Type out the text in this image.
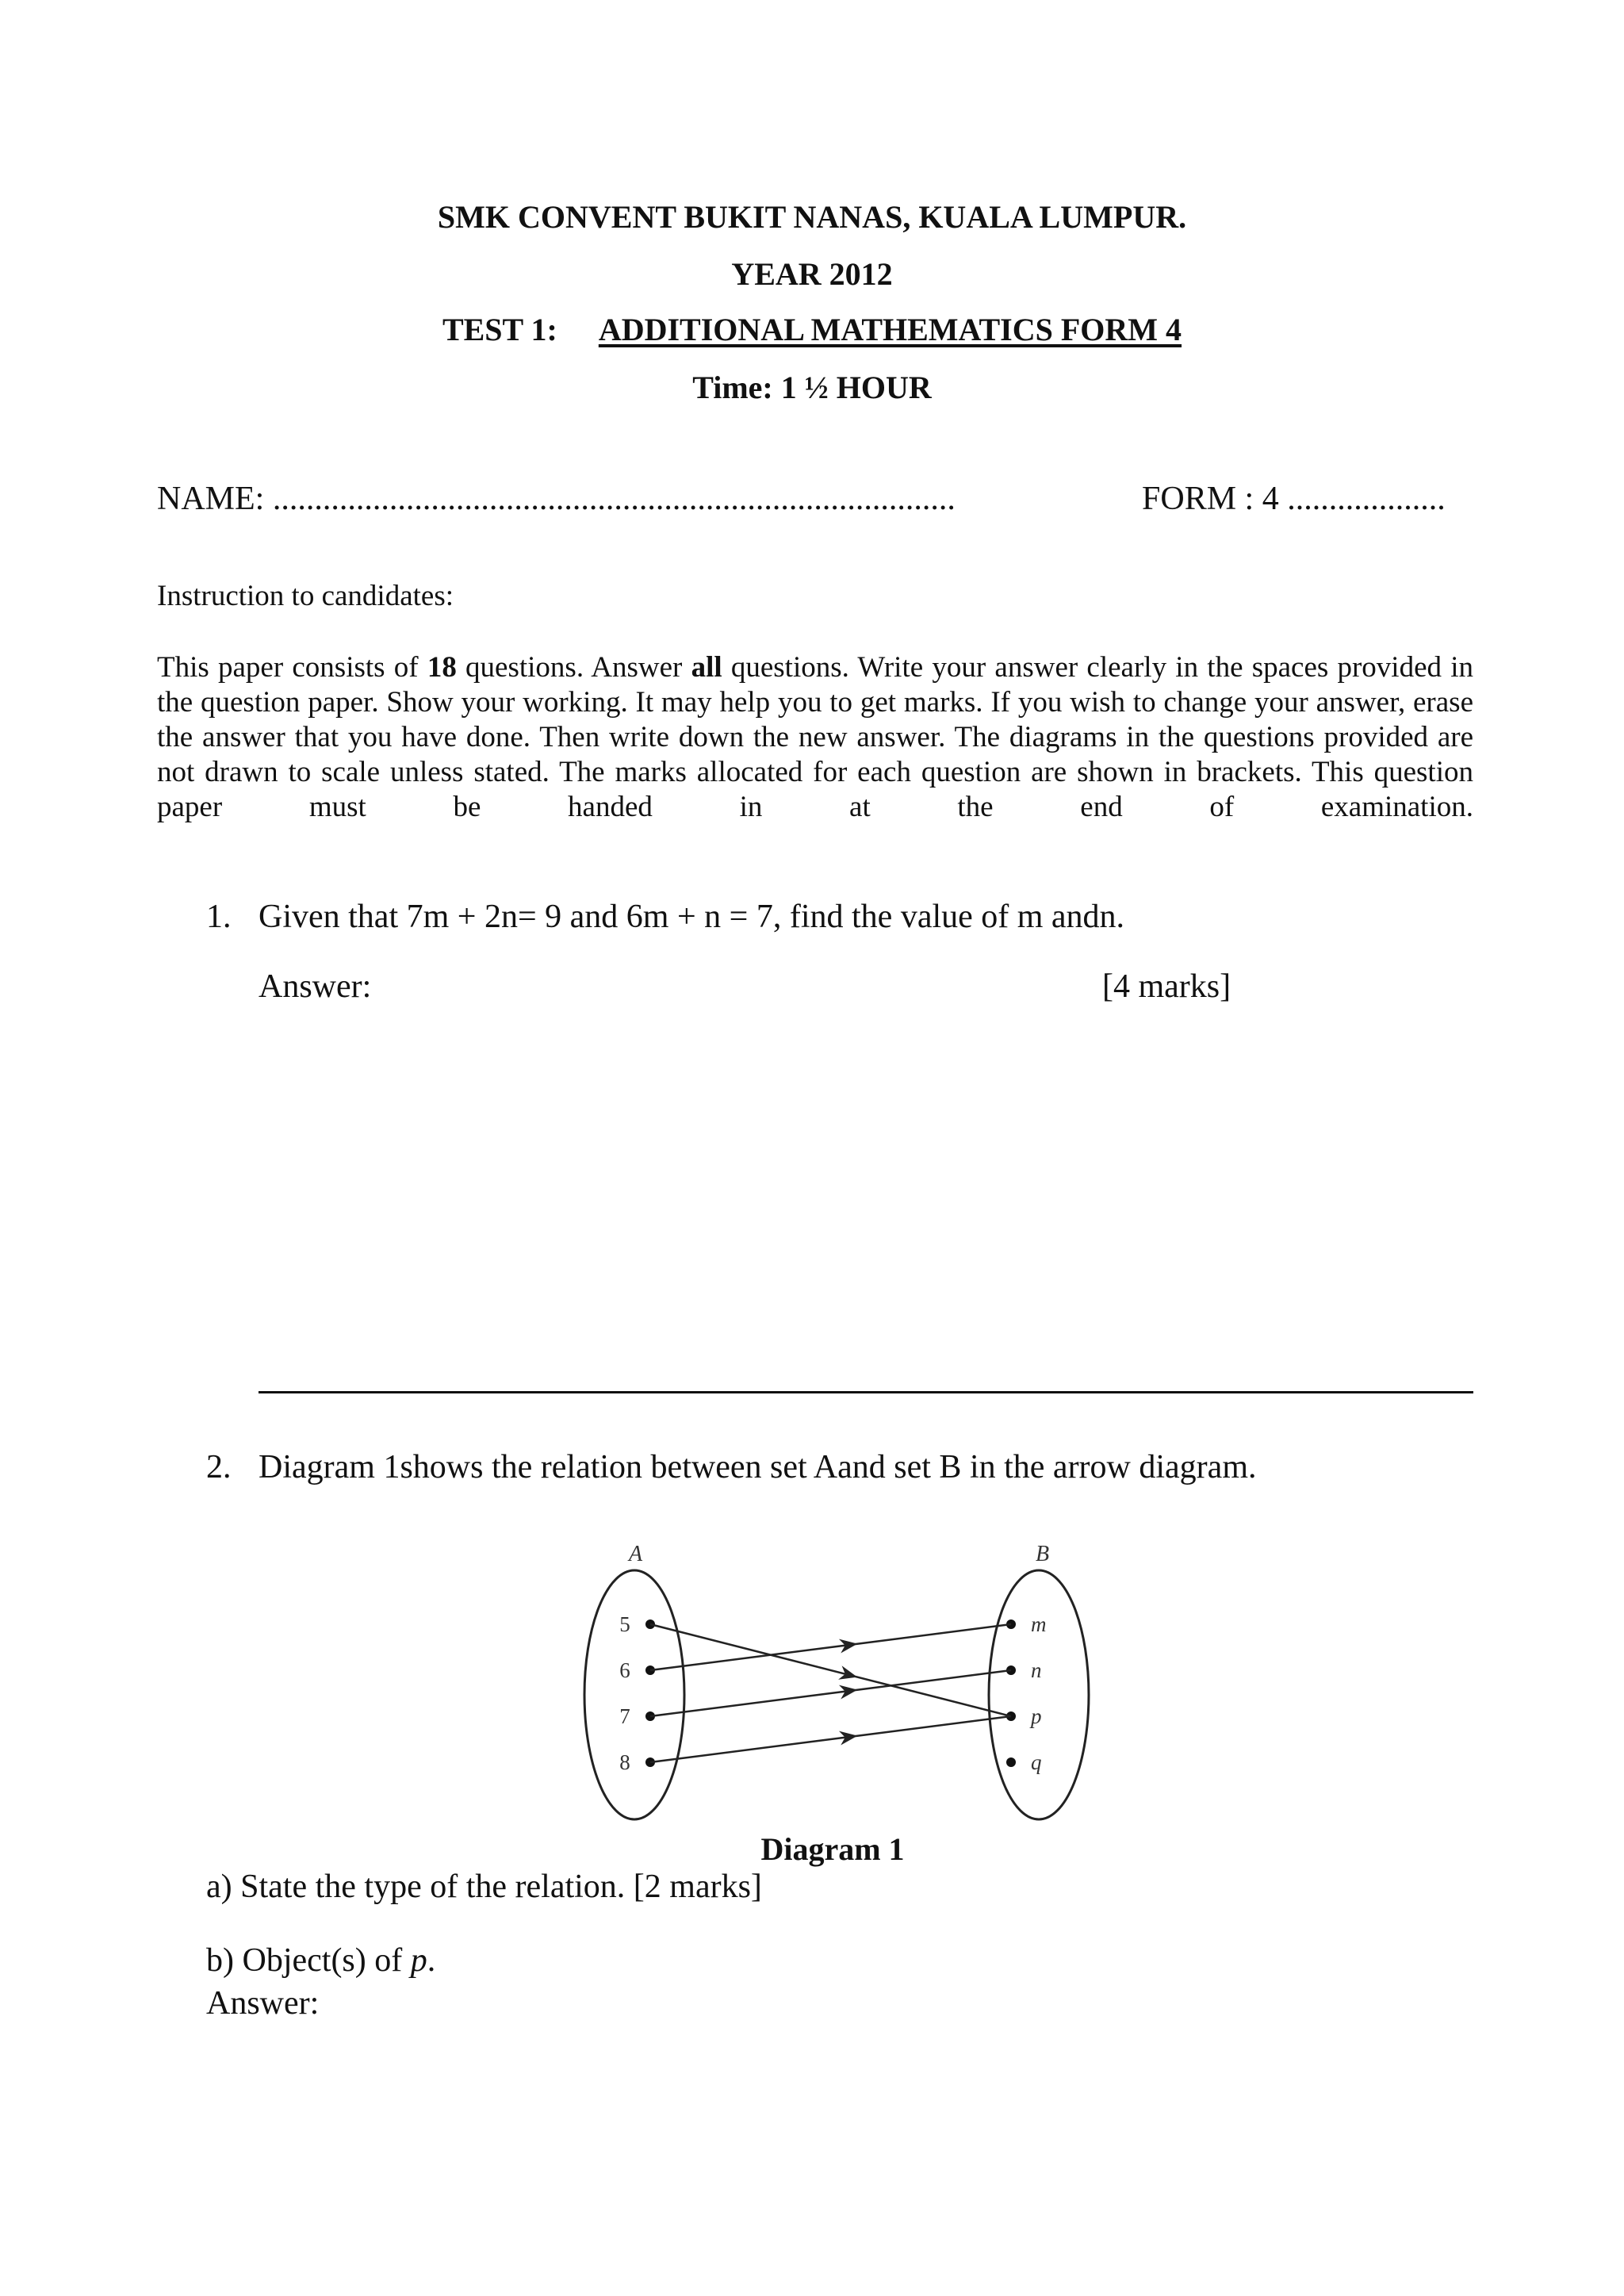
SMK CONVENT BUKIT NANAS, KUALA LUMPUR.
YEAR 2012
TEST 1: ADDITIONAL MATHEMATICS FORM 4
Time: 1 ½ HOUR
NAME: ..................................................................................	FORM : 4 ...................
Instruction to candidates:

This paper consists of 18 questions. Answer all questions. Write your answer clearly in the spaces provided in the question paper. Show your working. It may help you to get marks. If you wish to change your answer, erase the answer that you have done. Then write down the new answer. The diagrams in the questions provided are not drawn to scale unless stated. The marks allocated for each question are shown in brackets. This question paper must be handed in at the end of examination.

1. Given that 7m + 2n= 9 and 6m + n = 7, find the value of m andn.
Answer:	[4 marks]
2. Diagram 1shows the relation between set Aand set B in the arrow diagram.
A	B
5
6
7
8
m
n
p
q
Diagram 1
a) State the type of the relation. [2 marks]
b) Object(s) of p.
Answer:
